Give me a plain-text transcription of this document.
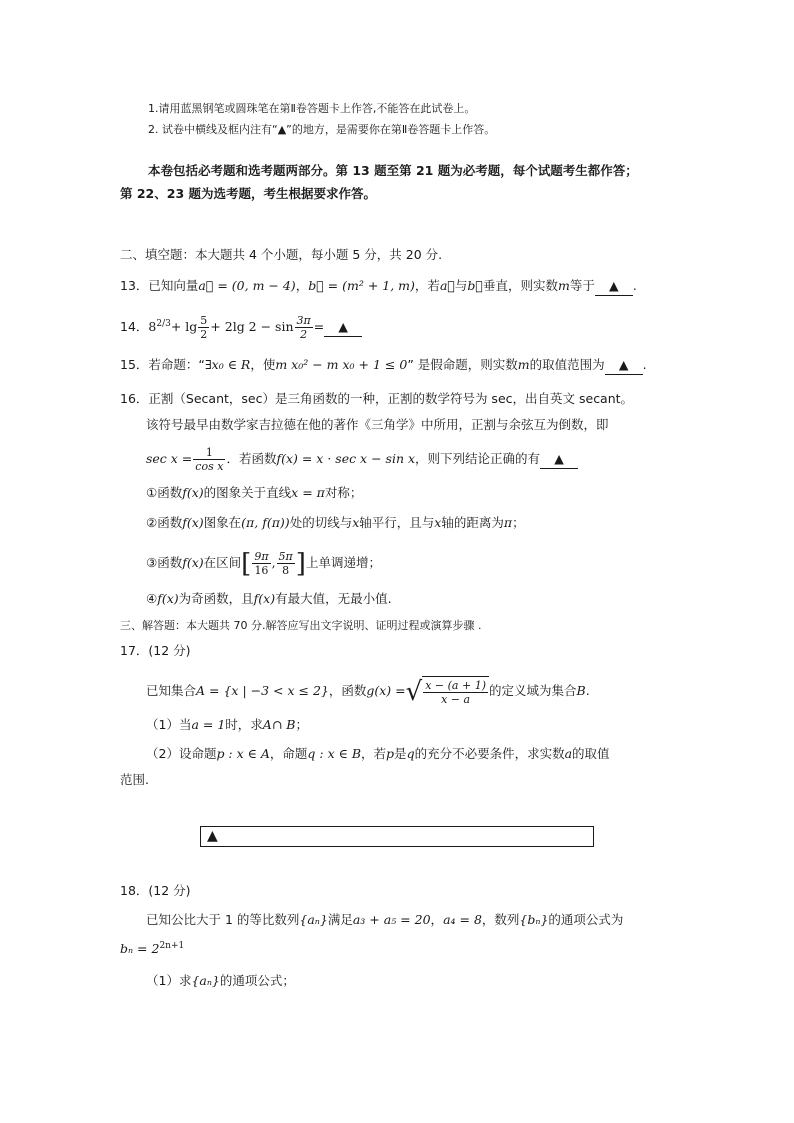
1.请用蓝黑钢笔或圆珠笔在第Ⅱ卷答题卡上作答,不能答在此试卷上。
2. 试卷中横线及框内注有“▲”的地方，是需要你在第Ⅱ卷答题卡上作答。
本卷包括必考题和选考题两部分。第 13 题至第 21 题为必考题，每个试题考生都作答；
第 22、23 题为选考题，考生根据要求作答。
二、填空题：本大题共 4 个小题，每小题 5 分，共 20 分.
13．已知向量a⃗ = (0, m − 4)，b⃗ = (m² + 1, m)，若a⃗与b⃗垂直，则实数m等于 ▲ .
14．$8^{2/3}+ \lg \frac{5}{2} + 2\lg$ $2 - \sin \frac{3\pi}{2}$ = ▲
15．若命题：“∃x₀ ∈ R，使m x₀² − m x₀ + 1 ≤ 0” 是假命题，则实数m的取值范围为 ▲ .
16．正割（Secant，sec）是三角函数的一种，正割的数学符号为 sec，出自英文 secant。
该符号最早由数学家吉拉德在他的著作《三角学》中所用，正割与余弦互为倒数，即
$\sec x = \frac{1}{\text{cos x}}$ ．若函数f(x) = x · sec x − sin x，则下列结论正确的有 ▲
①函数f(x)的图象关于直线x = π对称；
②函数f(x)图象在(π, f(π))处的切线与x轴平行，且与x轴的距离为π；
③函数f(x)在区间[ $\frac{9\pi}{16}$ , $\frac{5\pi}{8}$ ]上单调递增；
④f(x)为奇函数，且f(x)有最大值，无最小值.
三、解答题：本大题共 70 分.解答应写出文字说明、证明过程或演算步骤 .
17．(12 分)
已知集合A = {x | −3 < x ≤ 2}，函数g(x) =√ $\frac{x - (a + 1)}{x - a}$ 的定义域为集合B.
（1）当a = 1时，求A∩ B；
（2）设命题p : x ∈ A，命题q : x ∈ B，若p是q的充分不必要条件，求实数a的取值
范围.
▲
18．(12 分)
已知公比大于 1 的等比数列{aₙ}满足a₃ + a₅ = 20，a₄ = 8，数列{bₙ}的通项公式为
$b_n = 2^{2n+1}$
（1）求{aₙ}的通项公式；
